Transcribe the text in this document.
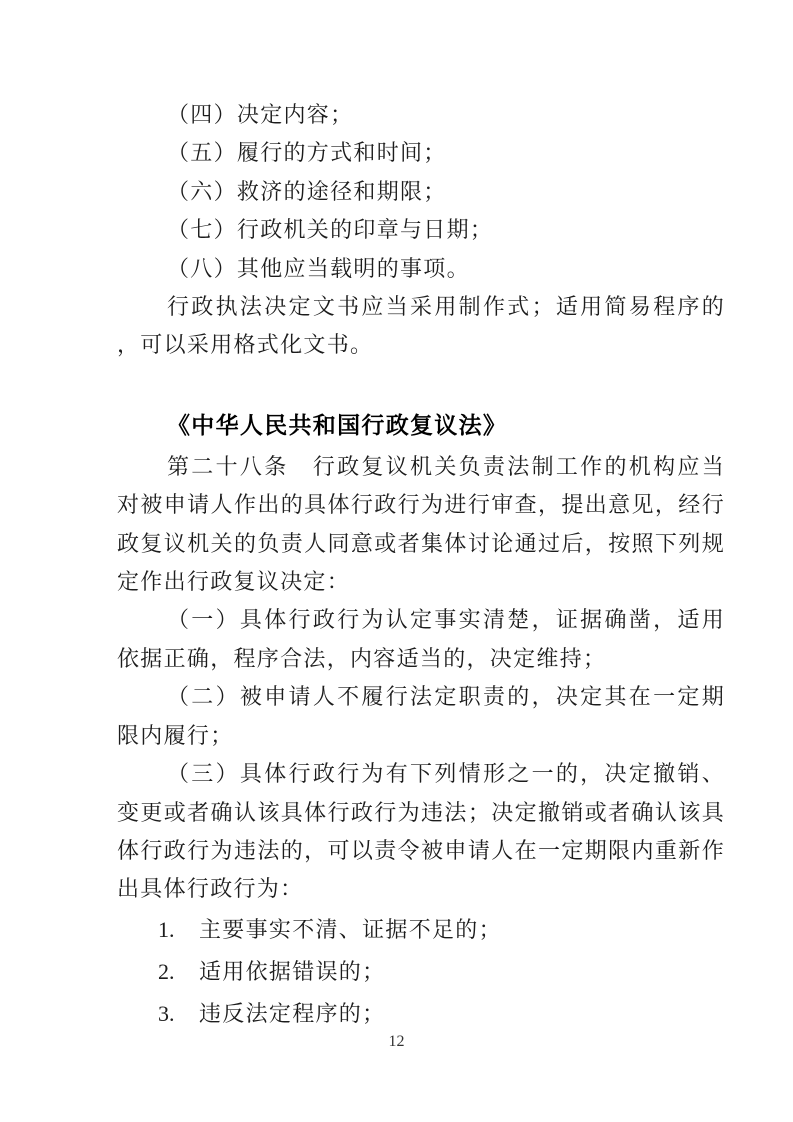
（四）决定内容；

（五）履行的方式和时间；

（六）救济的途径和期限；

（七）行政机关的印章与日期；

（八）其他应当载明的事项。

行政执法决定文书应当采用制作式；适用简易程序的，可以采用格式化文书。

《中华人民共和国行政复议法》

第二十八条　行政复议机关负责法制工作的机构应当对被申请人作出的具体行政行为进行审查，提出意见，经行政复议机关的负责人同意或者集体讨论通过后，按照下列规定作出行政复议决定：

（一）具体行政行为认定事实清楚，证据确凿，适用依据正确，程序合法，内容适当的，决定维持；

（二）被申请人不履行法定职责的，决定其在一定期限内履行；

（三）具体行政行为有下列情形之一的，决定撤销、变更或者确认该具体行政行为违法；决定撤销或者确认该具体行政行为违法的，可以责令被申请人在一定期限内重新作出具体行政行为：

1. 主要事实不清、证据不足的；

2. 适用依据错误的；

3. 违反法定程序的；

12
